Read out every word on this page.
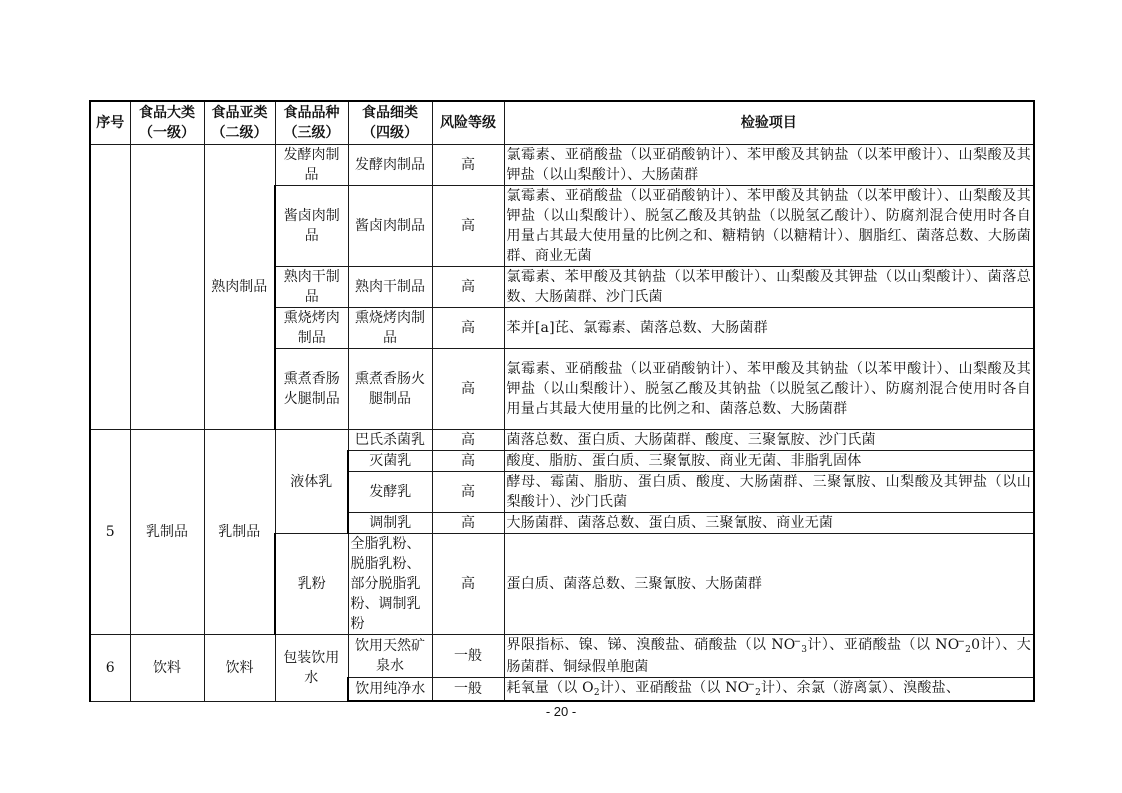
序号	食品大类（一级）	食品亚类（二级）	食品品种（三级）	食品细类（四级）	风险等级	检验项目
		熟肉制品	发酵肉制品	发酵肉制品	高	氯霉素、亚硝酸盐（以亚硝酸钠计）、苯甲酸及其钠盐（以苯甲酸计）、山梨酸及其钾盐（以山梨酸计）、大肠菌群
			酱卤肉制品	酱卤肉制品	高	氯霉素、亚硝酸盐（以亚硝酸钠计）、苯甲酸及其钠盐（以苯甲酸计）、山梨酸及其钾盐（以山梨酸计）、脱氢乙酸及其钠盐（以脱氢乙酸计）、防腐剂混合使用时各自用量占其最大使用量的比例之和、糖精钠（以糖精计）、胭脂红、菌落总数、大肠菌群、商业无菌
			熟肉干制品	熟肉干制品	高	氯霉素、苯甲酸及其钠盐（以苯甲酸计）、山梨酸及其钾盐（以山梨酸计）、菌落总数、大肠菌群、沙门氏菌
			熏烧烤肉制品	熏烧烤肉制品	高	苯并[a]芘、氯霉素、菌落总数、大肠菌群
			熏煮香肠火腿制品	熏煮香肠火腿制品	高	氯霉素、亚硝酸盐（以亚硝酸钠计）、苯甲酸及其钠盐（以苯甲酸计）、山梨酸及其钾盐（以山梨酸计）、脱氢乙酸及其钠盐（以脱氢乙酸计）、防腐剂混合使用时各自用量占其最大使用量的比例之和、菌落总数、大肠菌群
5	乳制品	乳制品	液体乳	巴氏杀菌乳	高	菌落总数、蛋白质、大肠菌群、酸度、三聚氰胺、沙门氏菌
				灭菌乳	高	酸度、脂肪、蛋白质、三聚氰胺、商业无菌、非脂乳固体
				发酵乳	高	酵母、霉菌、脂肪、蛋白质、酸度、大肠菌群、三聚氰胺、山梨酸及其钾盐（以山梨酸计）、沙门氏菌
				调制乳	高	大肠菌群、菌落总数、蛋白质、三聚氰胺、商业无菌
			乳粉	全脂乳粉、脱脂乳粉、部分脱脂乳粉、调制乳粉	高	蛋白质、菌落总数、三聚氰胺、大肠菌群
6	饮料	饮料	包装饮用水	饮用天然矿泉水	一般	界限指标、镍、锑、溴酸盐、硝酸盐（以 $NO^-_3$计）、亚硝酸盐（以 $NO^-_20$计）、大肠菌群、铜绿假单胞菌
				饮用纯净水	一般	耗氧量（以 $O_2$计）、亚硝酸盐（以 $NO^-_2$计）、余氯（游离氯）、溴酸盐、
- 20 -
